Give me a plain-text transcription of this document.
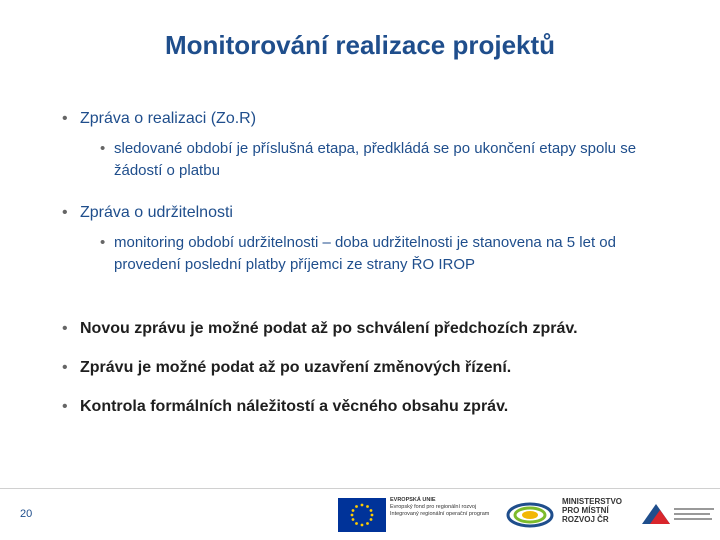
Monitorování realizace projektů
• Zpráva o realizaci (Zo.R)
• sledované období je příslušná etapa, předkládá se po ukončení etapy spolu se žádostí o platbu
• Zpráva o udržitelnosti
• monitoring období udržitelnosti – doba udržitelnosti je stanovena na 5 let od provedení poslední platby příjemci ze strany ŘO IROP
• Novou zprávu je možné podat až po schválení předchozích zpráv.
• Zprávu je možné podat až po uzavření změnových řízení.
• Kontrola formálních náležitostí a věcného obsahu zpráv.
20
EVROPSKÁ UNIE
Evropský fond pro regionální rozvoj
Integrovaný regionální operační program
MINISTERSTVO
PRO MÍSTNÍ
ROZVOJ ČR
